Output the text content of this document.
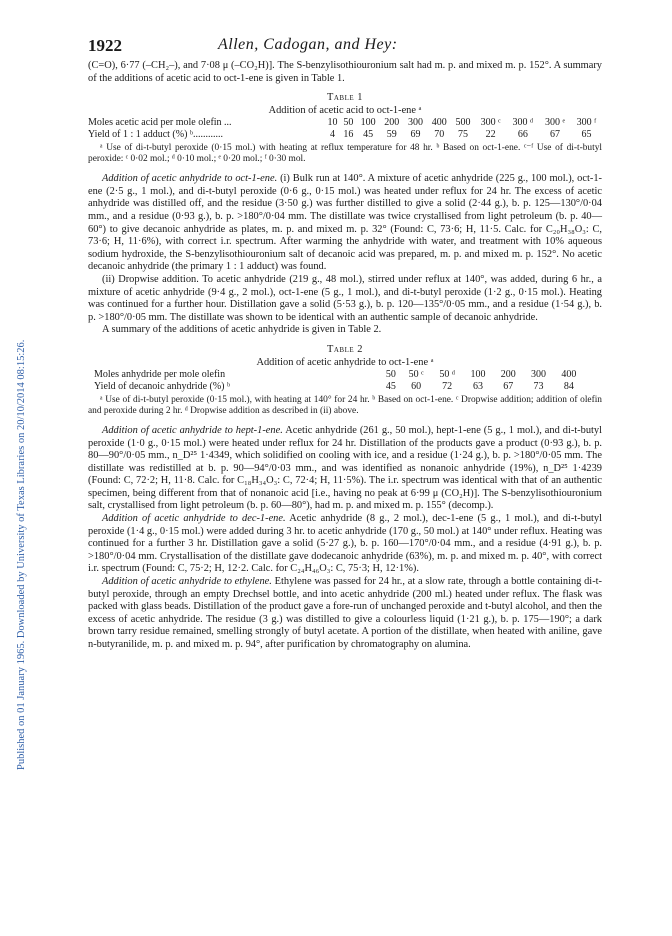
Published on 01 January 1965. Downloaded by University of Texas Libraries on 20/10/2014 08:15:26.
1922	Allen, Cadogan, and Hey:

(C=O), 6·77 (–CH₂–), and 7·08 μ (–CO₂H)]. The S-benzylisothiouronium salt had m. p. and mixed m. p. 152°. A summary of the additions of acetic acid to oct-1-ene is given in Table 1.

Table 1
Addition of acetic acid to oct-1-ene ᵃ
Moles acetic acid per mole olefin ...	10	50	100	200	300	400	500	300 ᶜ	300 ᵈ	300 ᵉ	300 ᶠ
Yield of 1 : 1 adduct (%) ᵇ............	4	16	45	59	69	70	75	22	66	67	65
ᵃ Use of di-t-butyl peroxide (0·15 mol.) with heating at reflux temperature for 48 hr. ᵇ Based on oct-1-ene. ᶜ⁻ᶠ Use of di-t-butyl peroxide: ᶜ 0·02 mol.; ᵈ 0·10 mol.; ᵉ 0·20 mol.; ᶠ 0·30 mol.

Addition of acetic anhydride to oct-1-ene. (i) Bulk run at 140°. A mixture of acetic anhydride (225 g., 100 mol.), oct-1-ene (2·5 g., 1 mol.), and di-t-butyl peroxide (0·6 g., 0·15 mol.) was heated under reflux for 24 hr. The excess of acetic anhydride was distilled off, and the residue (3·50 g.) was further distilled to give a solid (2·44 g.), b. p. 125—130°/0·04 mm., and a residue (0·93 g.), b. p. >180°/0·04 mm. The distillate was twice crystallised from light petroleum (b. p. 40—60°) to give decanoic anhydride as plates, m. p. and mixed m. p. 32° (Found: C, 73·6; H, 11·5. Calc. for C₂₀H₃₈O₃: C, 73·6; H, 11·6%), with correct i.r. spectrum. After warming the anhydride with water, and treatment with 10% aqueous sodium hydroxide, the S-benzylisothiouronium salt of decanoic acid was prepared, m. p. and mixed m. p. 152°. No acetic decanoic anhydride (the primary 1 : 1 adduct) was found.

(ii) Dropwise addition. To acetic anhydride (219 g., 48 mol.), stirred under reflux at 140°, was added, during 6 hr., a mixture of acetic anhydride (9·4 g., 2 mol.), oct-1-ene (5 g., 1 mol.), and di-t-butyl peroxide (1·2 g., 0·15 mol.). Heating was continued for a further hour. Distillation gave a solid (5·53 g.), b. p. 120—135°/0·05 mm., and a residue (1·54 g.), b. p. >180°/0·05 mm. The distillate was shown to be identical with an authentic sample of decanoic anhydride.

A summary of the additions of acetic anhydride is given in Table 2.

Table 2
Addition of acetic anhydride to oct-1-ene ᵃ
Moles anhydride per mole olefin	50	50 ᶜ	50 ᵈ	100	200	300	400
Yield of decanoic anhydride (%) ᵇ	45	60	72	63	67	73	84
ᵃ Use of di-t-butyl peroxide (0·15 mol.), with heating at 140° for 24 hr. ᵇ Based on oct-1-ene. ᶜ Dropwise addition; addition of olefin and peroxide during 2 hr. ᵈ Dropwise addition as described in (ii) above.

Addition of acetic anhydride to hept-1-ene. Acetic anhydride (261 g., 50 mol.), hept-1-ene (5 g., 1 mol.), and di-t-butyl peroxide (1·0 g., 0·15 mol.) were heated under reflux for 24 hr. Distillation of the products gave a product (0·93 g.), b. p. 80—90°/0·05 mm., n_D²⁵ 1·4349, which solidified on cooling with ice, and a residue (1·24 g.), b. p. >180°/0·05 mm. The distillate was redistilled at b. p. 90—94°/0·03 mm., and was identified as nonanoic anhydride (19%), n_D²⁵ 1·4239 (Found: C, 72·2; H, 11·8. Calc. for C₁₈H₃₄O₃: C, 72·4; H, 11·5%). The i.r. spectrum was identical with that of an authentic specimen, being different from that of nonanoic acid [i.e., having no peak at 6·99 μ (CO₂H)]. The S-benzylisothiouronium salt, crystallised from light petroleum (b. p. 60—80°), had m. p. and mixed m. p. 155° (decomp.).

Addition of acetic anhydride to dec-1-ene. Acetic anhydride (8 g., 2 mol.), dec-1-ene (5 g., 1 mol.), and di-t-butyl peroxide (1·4 g., 0·15 mol.) were added during 3 hr. to acetic anhydride (170 g., 50 mol.) at 140° under reflux. Heating was continued for a further 3 hr. Distillation gave a solid (5·27 g.), b. p. 160—170°/0·04 mm., and a residue (4·91 g.), b. p. >180°/0·04 mm. Crystallisation of the distillate gave dodecanoic anhydride (63%), m. p. and mixed m. p. 40°, with correct i.r. spectrum (Found: C, 75·2; H, 12·2. Calc. for C₂₄H₄₆O₃: C, 75·3; H, 12·1%).

Addition of acetic anhydride to ethylene. Ethylene was passed for 24 hr., at a slow rate, through a bottle containing di-t-butyl peroxide, through an empty Drechsel bottle, and into acetic anhydride (200 ml.) heated under reflux. The flask was packed with glass beads. Distillation of the product gave a fore-run of unchanged peroxide and t-butyl alcohol, and then the excess of acetic anhydride. The residue (3 g.) was distilled to give a colourless liquid (1·21 g.), b. p. 175—190°; a dark brown tarry residue remained, smelling strongly of butyl acetate. A portion of the distillate, when heated with aniline, gave n-butyranilide, m. p. and mixed m. p. 94°, after purification by chromatography on alumina.
